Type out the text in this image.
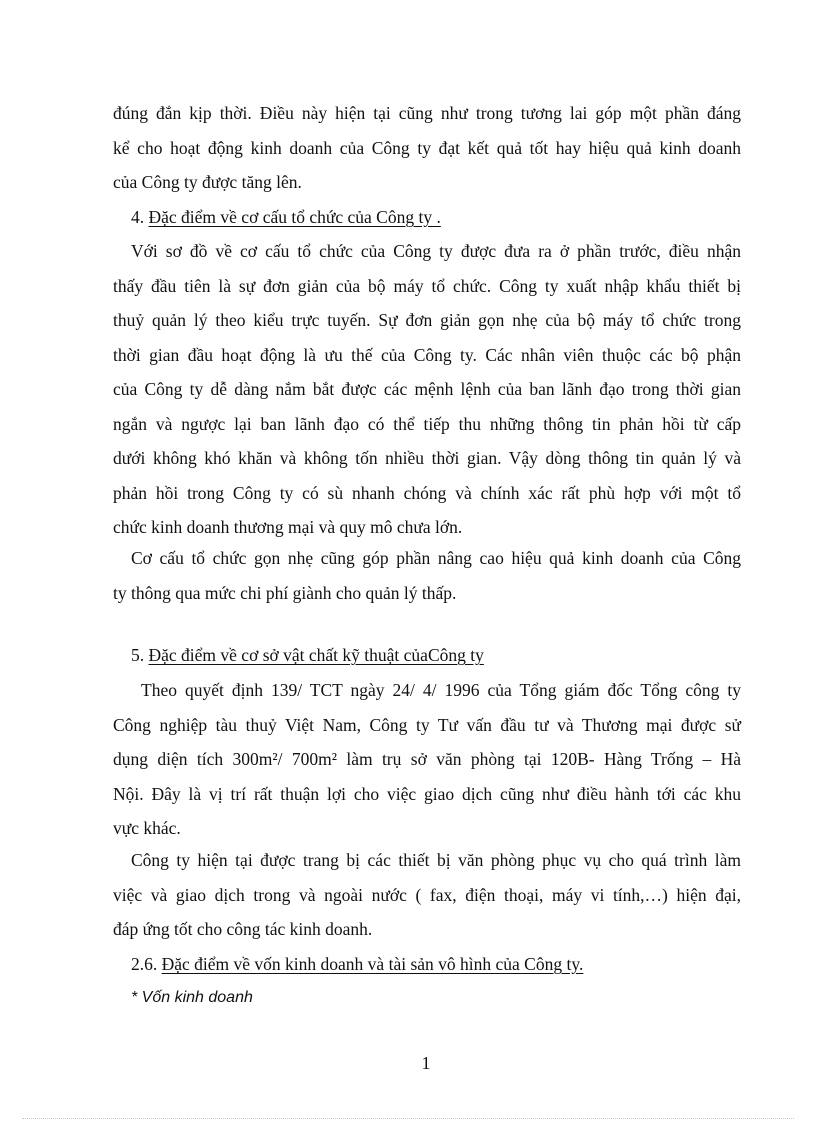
đúng đắn kịp thời. Điều này hiện tại cũng như trong tương lai góp một phần đáng
kể cho hoạt động kinh doanh của Công ty đạt kết quả tốt hay hiệu quả kinh doanh
của Công ty được tăng lên.

4. Đặc điểm về cơ cấu tổ chức của Công ty .

Với sơ đồ về cơ cấu tổ chức của Công ty được đưa ra ở phần trước, điều nhận
thấy đầu tiên là sự đơn giản của bộ máy tổ chức. Công ty xuất nhập khẩu thiết bị
thuỷ quản lý theo kiểu trực tuyến. Sự đơn giản gọn nhẹ của bộ máy tổ chức trong
thời gian đầu hoạt động là ưu thế của Công ty. Các nhân viên thuộc các bộ phận
của Công ty dễ dàng nắm bắt được các mệnh lệnh của ban lãnh đạo trong thời gian
ngắn và ngược lại ban lãnh đạo có thể tiếp thu những thông tin phản hồi từ cấp
dưới không khó khăn và không tốn nhiều thời gian. Vậy dòng thông tin quản lý và
phản hồi trong Công ty có sù nhanh chóng và chính xác rất phù hợp với một tổ
chức kinh doanh thương mại và quy mô chưa lớn.
Cơ cấu tổ chức gọn nhẹ cũng góp phần nâng cao hiệu quả kinh doanh của Công
ty thông qua mức chi phí giành cho quản lý thấp.

5. Đặc điểm về cơ sở vật chất kỹ thuật củaCông ty

Theo quyết định 139/ TCT ngày 24/ 4/ 1996 của Tổng giám đốc Tổng công ty
Công nghiệp tàu thuỷ Việt Nam, Công ty Tư vấn đầu tư và Thương mại được sử
dụng diện tích 300m²/ 700m² làm trụ sở văn phòng tại 120B- Hàng Trống – Hà
Nội. Đây là vị trí rất thuận lợi cho việc giao dịch cũng như điều hành tới các khu
vực khác.
Công ty hiện tại được trang bị các thiết bị văn phòng phục vụ cho quá trình làm
việc và giao dịch trong và ngoài nước ( fax, điện thoại, máy vi tính,…) hiện đại,
đáp ứng tốt cho công tác kinh doanh.

2.6. Đặc điểm về vốn kinh doanh và tài sản vô hình của Công ty.

* Vốn kinh doanh

1
